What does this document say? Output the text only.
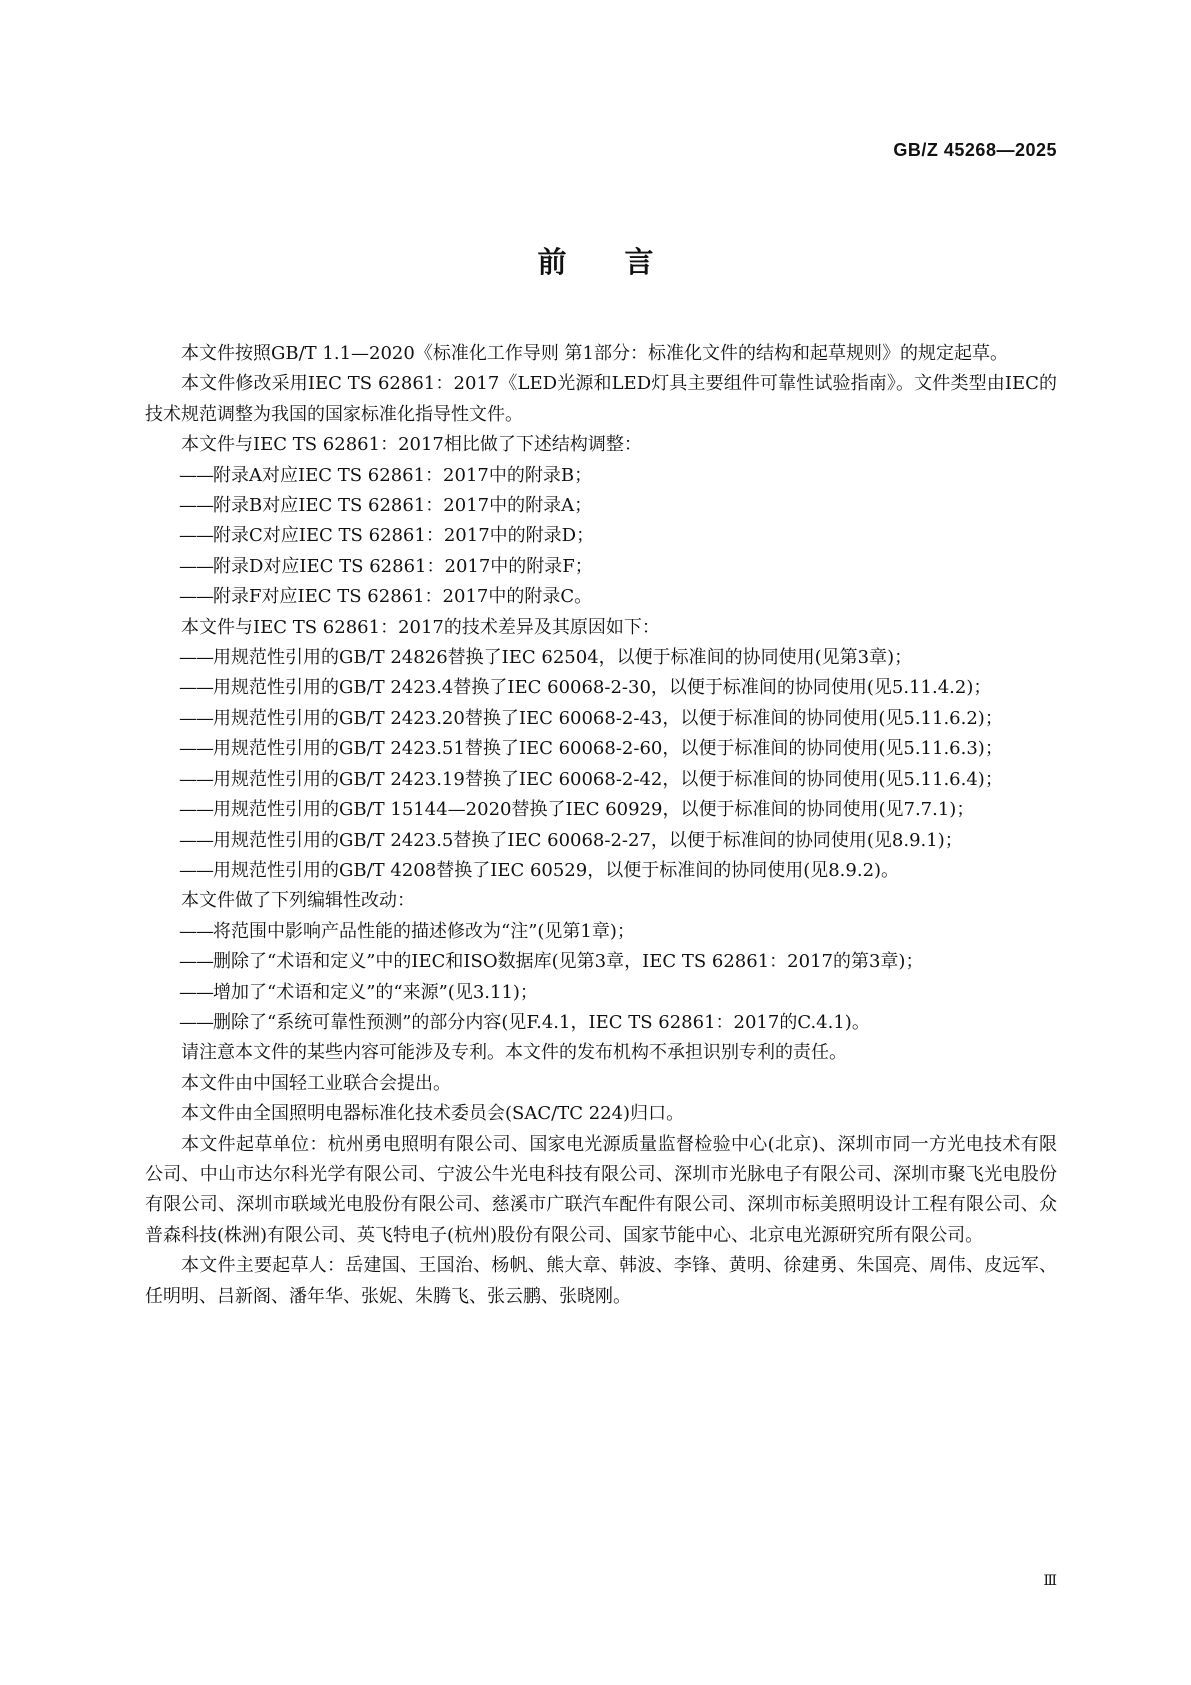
GB/Z 45268—2025
前言

本文件按照GB/T 1.1—2020《标准化工作导则 第1部分：标准化文件的结构和起草规则》的规定起草。

本文件修改采用IEC TS 62861：2017《LED光源和LED灯具主要组件可靠性试验指南》。文件类型由IEC的技术规范调整为我国的国家标准化指导性文件。

本文件与IEC TS 62861：2017相比做了下述结构调整：

——附录A对应IEC TS 62861：2017中的附录B；
——附录B对应IEC TS 62861：2017中的附录A；
——附录C对应IEC TS 62861：2017中的附录D；
——附录D对应IEC TS 62861：2017中的附录F；
——附录F对应IEC TS 62861：2017中的附录C。

本文件与IEC TS 62861：2017的技术差异及其原因如下：

——用规范性引用的GB/T 24826替换了IEC 62504，以便于标准间的协同使用(见第3章)；
——用规范性引用的GB/T 2423.4替换了IEC 60068-2-30，以便于标准间的协同使用(见5.11.4.2)；
——用规范性引用的GB/T 2423.20替换了IEC 60068-2-43，以便于标准间的协同使用(见5.11.6.2)；
——用规范性引用的GB/T 2423.51替换了IEC 60068-2-60，以便于标准间的协同使用(见5.11.6.3)；
——用规范性引用的GB/T 2423.19替换了IEC 60068-2-42，以便于标准间的协同使用(见5.11.6.4)；
——用规范性引用的GB/T 15144—2020替换了IEC 60929，以便于标准间的协同使用(见7.7.1)；
——用规范性引用的GB/T 2423.5替换了IEC 60068-2-27，以便于标准间的协同使用(见8.9.1)；
——用规范性引用的GB/T 4208替换了IEC 60529，以便于标准间的协同使用(见8.9.2)。

本文件做了下列编辑性改动：

——将范围中影响产品性能的描述修改为“注”(见第1章)；
——删除了“术语和定义”中的IEC和ISO数据库(见第3章，IEC TS 62861：2017的第3章)；
——增加了“术语和定义”的“来源”(见3.11)；
——删除了“系统可靠性预测”的部分内容(见F.4.1，IEC TS 62861：2017的C.4.1)。

请注意本文件的某些内容可能涉及专利。本文件的发布机构不承担识别专利的责任。

本文件由中国轻工业联合会提出。

本文件由全国照明电器标准化技术委员会(SAC/TC 224)归口。

本文件起草单位：杭州勇电照明有限公司、国家电光源质量监督检验中心(北京)、深圳市同一方光电技术有限公司、中山市达尔科光学有限公司、宁波公牛光电科技有限公司、深圳市光脉电子有限公司、深圳市聚飞光电股份有限公司、深圳市联域光电股份有限公司、慈溪市广联汽车配件有限公司、深圳市标美照明设计工程有限公司、众普森科技(株洲)有限公司、英飞特电子(杭州)股份有限公司、国家节能中心、北京电光源研究所有限公司。

本文件主要起草人：岳建国、王国治、杨帆、熊大章、韩波、李锋、黄明、徐建勇、朱国亮、周伟、皮远军、任明明、吕新阁、潘年华、张妮、朱腾飞、张云鹏、张晓刚。

Ⅲ
